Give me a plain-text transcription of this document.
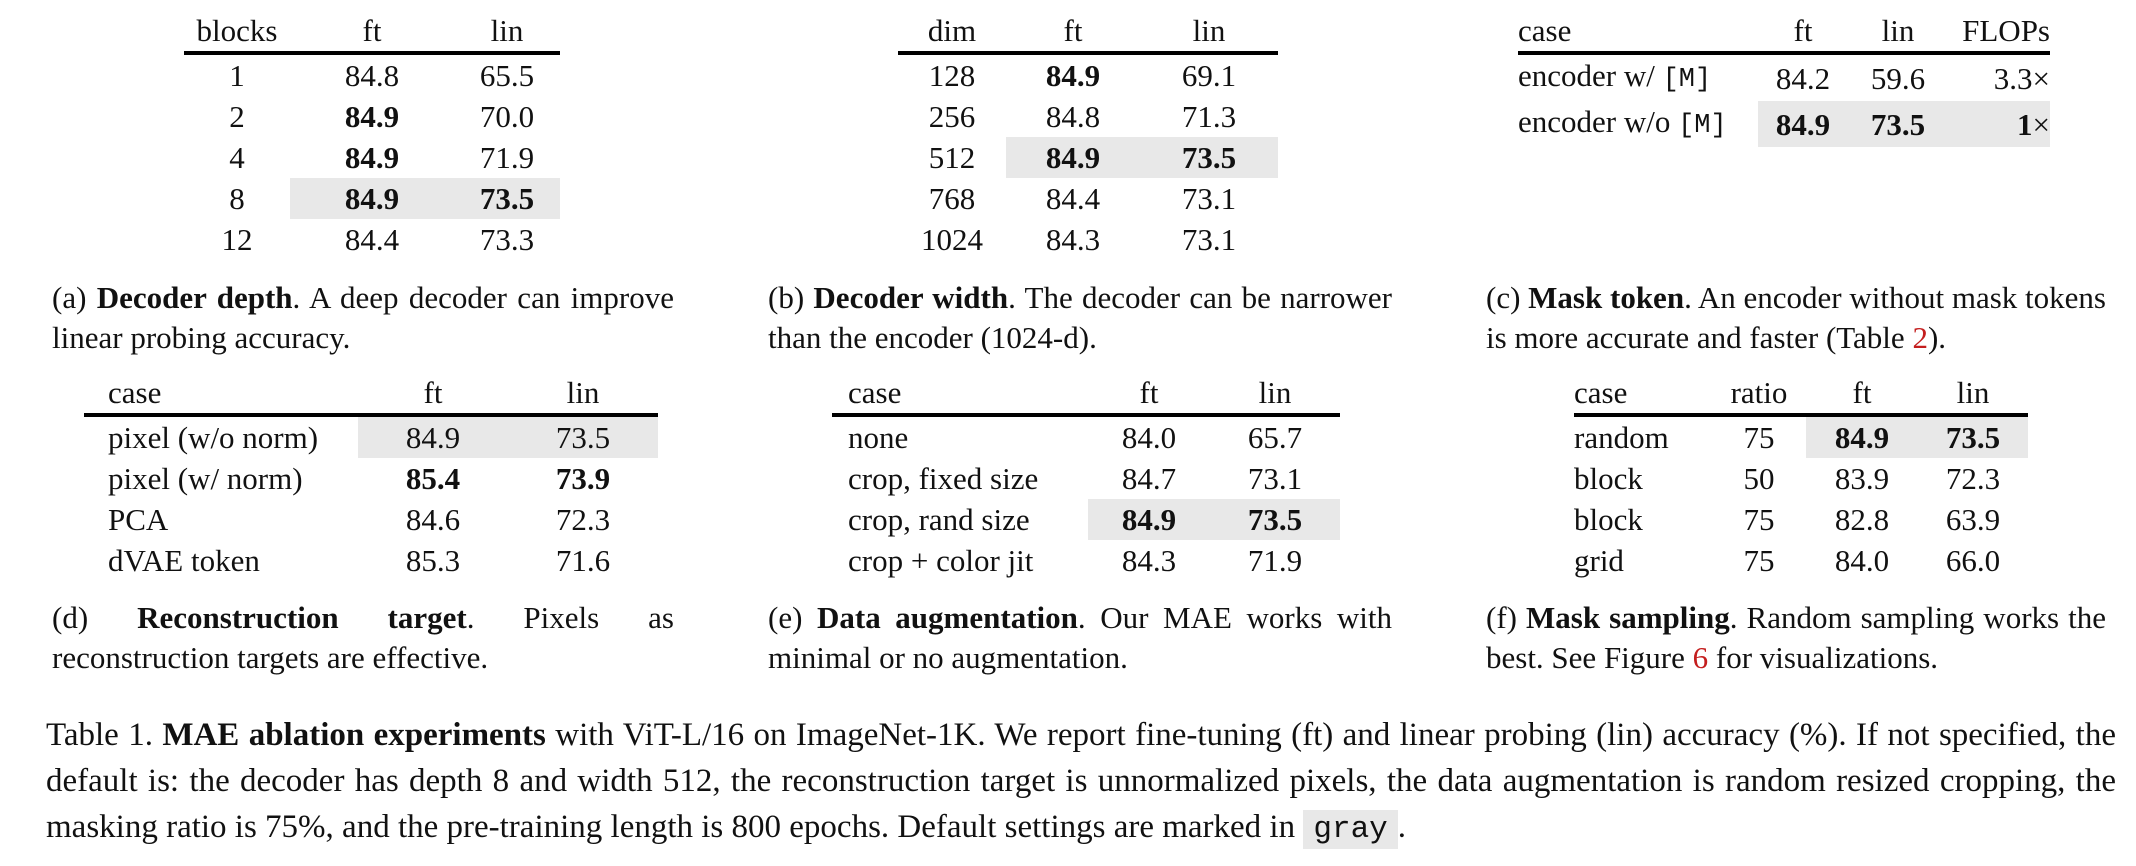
blocks	ft	lin
1	84.8	65.5
2	84.9	70.0
4	84.9	71.9
8	84.9	73.5
12	84.4	73.3
(a) Decoder depth. A deep decoder can improve linear probing accuracy.
dim	ft	lin
128	84.9	69.1
256	84.8	71.3
512	84.9	73.5
768	84.4	73.1
1024	84.3	73.1
(b) Decoder width. The decoder can be narrower than the encoder (1024-d).
case	ft	lin	FLOPs
encoder w/ [M]	84.2	59.6	3.3×
encoder w/o [M]	84.9	73.5	1×
(c) Mask token. An encoder without mask tokens is more accurate and faster (Table 2).
case	ft	lin
pixel (w/o norm)	84.9	73.5
pixel (w/ norm)	85.4	73.9
PCA	84.6	72.3
dVAE token	85.3	71.6
(d) Reconstruction target. Pixels as reconstruction targets are effective.
case	ft	lin
none	84.0	65.7
crop, fixed size	84.7	73.1
crop, rand size	84.9	73.5
crop + color jit	84.3	71.9
(e) Data augmentation. Our MAE works with minimal or no augmentation.
case	ratio	ft	lin
random	75	84.9	73.5
block	50	83.9	72.3
block	75	82.8	63.9
grid	75	84.0	66.0
(f) Mask sampling. Random sampling works the best. See Figure 6 for visualizations.
Table 1. MAE ablation experiments with ViT-L/16 on ImageNet-1K. We report fine-tuning (ft) and linear probing (lin) accuracy (%). If not specified, the default is: the decoder has depth 8 and width 512, the reconstruction target is unnormalized pixels, the data augmentation is random resized cropping, the masking ratio is 75%, and the pre-training length is 800 epochs. Default settings are marked in gray .
